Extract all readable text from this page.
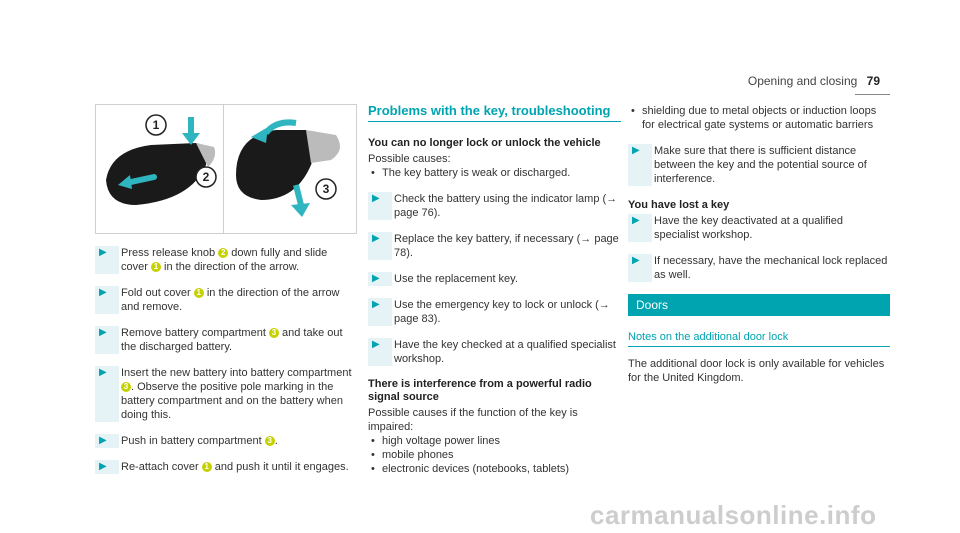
Opening and closing 79
1
2
3
▶	Press release knob 2 down fully and slide cover 1 in the direction of the arrow.
▶	Fold out cover 1 in the direction of the arrow and remove.
▶	Remove battery compartment 3 and take out the discharged battery.
▶	Insert the new battery into battery compartment 3 . Observe the positive pole marking in the battery compartment and on the battery when doing this.
▶	Push in battery compartment 3 .
▶	Re-attach cover 1 and push it until it engages.
Problems with the key, troubleshooting
You can no longer lock or unlock the vehicle
Possible causes:
• The key battery is weak or discharged.
▶	Check the battery using the indicator lamp (→ page 76).
▶	Replace the key battery, if necessary (→ page 78).
▶	Use the replacement key.
▶	Use the emergency key to lock or unlock (→ page 83).
▶	Have the key checked at a qualified specialist workshop.
There is interference from a powerful radio signal source
Possible causes if the function of the key is impaired:
• high voltage power lines
• mobile phones
• electronic devices (notebooks, tablets)
• shielding due to metal objects or induction loops for electrical gate systems or automatic barriers
▶	Make sure that there is sufficient distance between the key and the potential source of interference.
You have lost a key
▶	Have the key deactivated at a qualified specialist workshop.
▶	If necessary, have the mechanical lock replaced as well.
Doors
Notes on the additional door lock
The additional door lock is only available for vehicles for the United Kingdom.
carmanualsonline.info
